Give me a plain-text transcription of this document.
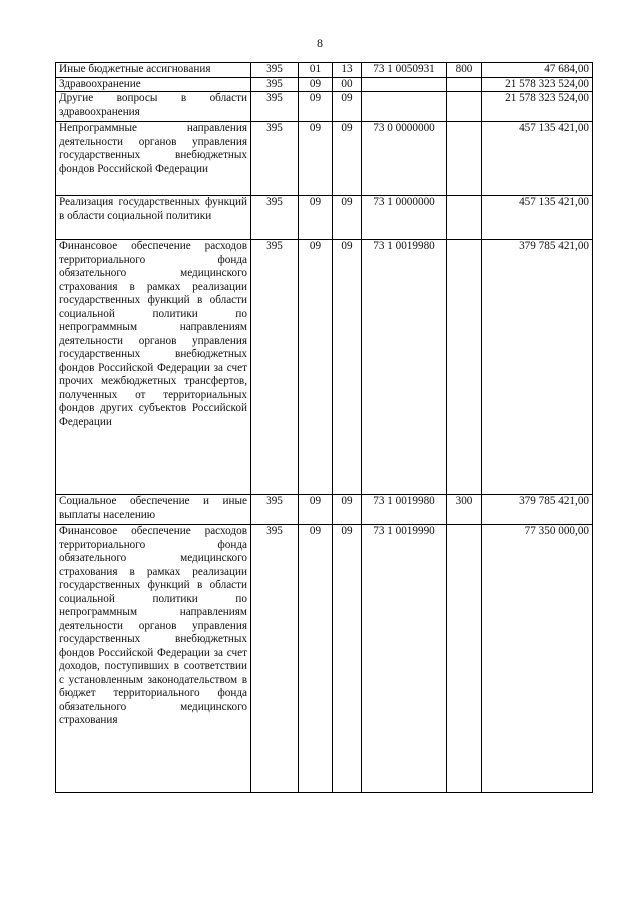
8
Иные бюджетные ассигнования	395	01	13	73 1 0050931	800	47 684,00
Здравоохранение	395	09	00			21 578 323 524,00
Другие вопросы в области здравоохранения	395	09	09			21 578 323 524,00
Непрограммные направления деятельности органов управления государственных внебюджетных фондов Российской Федерации	395	09	09	73 0 0000000		457 135 421,00
Реализация государственных функций в области социальной политики	395	09	09	73 1 0000000		457 135 421,00
Финансовое обеспечение расходов территориального фонда обязательного медицинского страхования в рамках реализации государственных функций в области социальной политики по непрограммным направлениям деятельности органов управления государственных внебюджетных фондов Российской Федерации за счет прочих межбюджетных трансфертов, полученных от территориальных фондов других субъектов Российской Федерации	395	09	09	73 1 0019980		379 785 421,00
Социальное обеспечение и иные выплаты населению	395	09	09	73 1 0019980	300	379 785 421,00
Финансовое обеспечение расходов территориального фонда обязательного медицинского страхования в рамках реализации государственных функций в области социальной политики по непрограммным направлениям деятельности органов управления государственных внебюджетных фондов Российской Федерации за счет доходов, поступивших в соответствии с установленным законодательством в бюджет территориального фонда обязательного медицинского страхования	395	09	09	73 1 0019990		77 350 000,00
